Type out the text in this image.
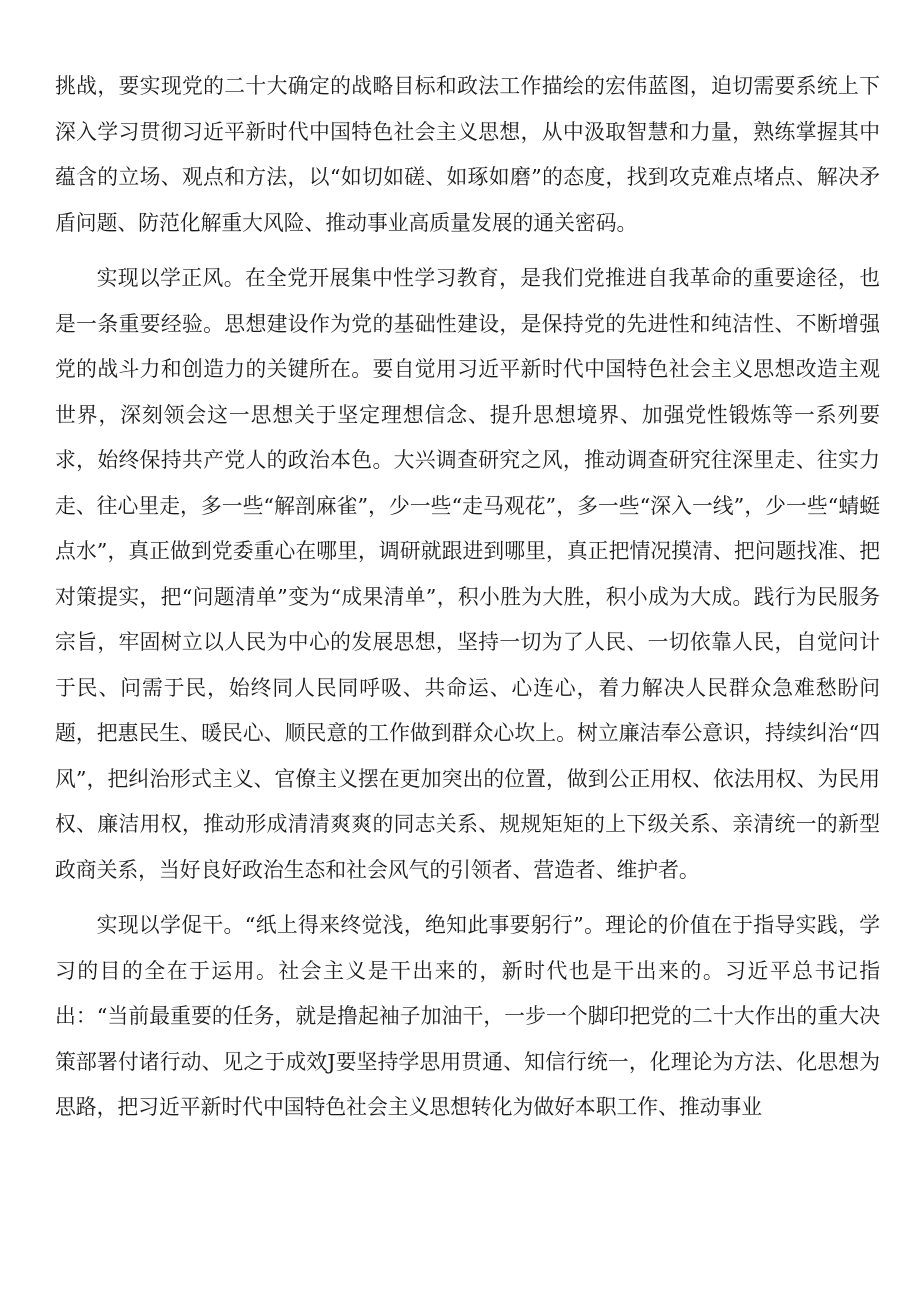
挑战，要实现党的二十大确定的战略目标和政法工作描绘的宏伟蓝图，迫切需要系统上下深入学习贯彻习近平新时代中国特色社会主义思想，从中汲取智慧和力量，熟练掌握其中蕴含的立场、观点和方法，以“如切如磋、如琢如磨”的态度，找到攻克难点堵点、解决矛盾问题、防范化解重大风险、推动事业高质量发展的通关密码。

实现以学正风。在全党开展集中性学习教育，是我们党推进自我革命的重要途径，也是一条重要经验。思想建设作为党的基础性建设，是保持党的先进性和纯洁性、不断增强党的战斗力和创造力的关键所在。要自觉用习近平新时代中国特色社会主义思想改造主观世界，深刻领会这一思想关于坚定理想信念、提升思想境界、加强党性锻炼等一系列要求，始终保持共产党人的政治本色。大兴调查研究之风，推动调查研究往深里走、往实力走、往心里走，多一些“解剖麻雀”，少一些“走马观花”，多一些“深入一线”，少一些“蜻蜓点水”，真正做到党委重心在哪里，调研就跟进到哪里，真正把情况摸清、把问题找准、把对策提实，把“问题清单”变为“成果清单”，积小胜为大胜，积小成为大成。践行为民服务宗旨，牢固树立以人民为中心的发展思想，坚持一切为了人民、一切依靠人民，自觉问计于民、问需于民，始终同人民同呼吸、共命运、心连心，着力解决人民群众急难愁盼问题，把惠民生、暖民心、顺民意的工作做到群众心坎上。树立廉洁奉公意识，持续纠治“四风”，把纠治形式主义、官僚主义摆在更加突出的位置，做到公正用权、依法用权、为民用权、廉洁用权，推动形成清清爽爽的同志关系、规规矩矩的上下级关系、亲清统一的新型政商关系，当好良好政治生态和社会风气的引领者、营造者、维护者。

实现以学促干。“纸上得来终觉浅，绝知此事要躬行”。理论的价值在于指导实践，学习的目的全在于运用。社会主义是干出来的，新时代也是干出来的。习近平总书记指出：“当前最重要的任务，就是撸起袖子加油干，一步一个脚印把党的二十大作出的重大决策部署付诸行动、见之于成效J要坚持学思用贯通、知信行统一，化理论为方法、化思想为思路，把习近平新时代中国特色社会主义思想转化为做好本职工作、推动事业
